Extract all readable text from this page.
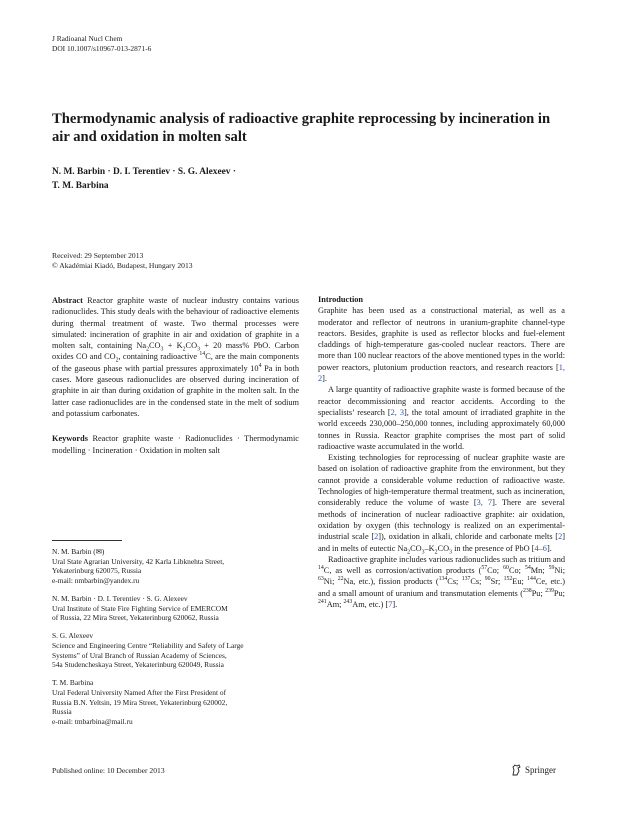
J Radioanal Nucl Chem
DOI 10.1007/s10967-013-2871-6
Thermodynamic analysis of radioactive graphite reprocessing by incineration in air and oxidation in molten salt
N. M. Barbin · D. I. Terentiev · S. G. Alexeev ·
T. M. Barbina
Received: 29 September 2013
© Akadémiai Kiadó, Budapest, Hungary 2013

Abstract Reactor graphite waste of nuclear industry contains various radionuclides. This study deals with the behaviour of radioactive elements during thermal treatment of waste. Two thermal processes were simulated: incineration of graphite in air and oxidation of graphite in a molten salt, containing $Na_2CO_3 + K_2CO_3 + 20$ mass% PbO. Carbon oxides CO and $CO_2$, containing radioactive $^{14}$C, are the main components of the gaseous phase with partial pressures approximately $10^4$ Pa in both cases. More gaseous radionuclides are observed during incineration of graphite in air than during oxidation of graphite in the molten salt. In the latter case radionuclides are in the condensed state in the melt of sodium and potassium carbonates.

Keywords Reactor graphite waste · Radionuclides · Thermodynamic modelling · Incineration · Oxidation in molten salt

N. M. Barbin (✉)
Ural State Agrarian University, 42 Karla Libknehta Street,
Yekaterinburg 620075, Russia
e-mail: nmbarbin@yandex.ru

N. M. Barbin · D. I. Terentiev · S. G. Alexeev
Ural Institute of State Fire Fighting Service of EMERCOM
of Russia, 22 Mira Street, Yekaterinburg 620062, Russia

S. G. Alexeev
Science and Engineering Centre “Reliability and Safety of Large
Systems” of Ural Branch of Russian Academy of Sciences,
54a Studencheskaya Street, Yekaterinburg 620049, Russia

T. M. Barbina
Ural Federal University Named After the First President of
Russia B.N. Yeltsin, 19 Mira Street, Yekaterinburg 620002,
Russia
e-mail: tmbarbina@mail.ru

Introduction

Graphite has been used as a constructional material, as well as a moderator and reflector of neutrons in uranium-graphite channel-type reactors. Besides, graphite is used as reflector blocks and fuel-element claddings of high-temperature gas-cooled nuclear reactors. There are more than 100 nuclear reactors of the above mentioned types in the world: power reactors, plutonium production reactors, and research reactors [1, 2].

A large quantity of radioactive graphite waste is formed because of the reactor decommissioning and reactor accidents. According to the specialists’ research [2, 3], the total amount of irradiated graphite in the world exceeds 230,000–250,000 tonnes, including approximately 60,000 tonnes in Russia. Reactor graphite comprises the most part of solid radioactive waste accumulated in the world.

Existing technologies for reprocessing of nuclear graphite waste are based on isolation of radioactive graphite from the environment, but they cannot provide a considerable volume reduction of radioactive waste. Technologies of high-temperature thermal treatment, such as incineration, considerably reduce the volume of waste [3, 7]. There are several methods of incineration of nuclear radioactive graphite: air oxidation, oxidation by oxygen (this technology is realized on an experimental-industrial scale [2]), oxidation in alkali, chloride and carbonate melts [2] and in melts of eutectic $Na_2CO_3-K_2CO_3$ in the presence of PbO [4–6].

Radioactive graphite includes various radionuclides such as tritium and $^{14}$C, as well as corrosion/activation products ($^{57}$Co; $^{60}$Co; $^{54}$Mn; $^{59}$Ni; $^{63}$Ni; $^{22}$Na, etc.), fission products ($^{134}$Cs; $^{137}$Cs; $^{90}$Sr; $^{152}$Eu; $^{144}$Ce, etc.) and a small amount of uranium and transmutation elements ($^{238}$Pu; $^{239}$Pu; $^{241}$Am; $^{243}$Am, etc.) [7].

Published online: 10 December 2013	Springer
